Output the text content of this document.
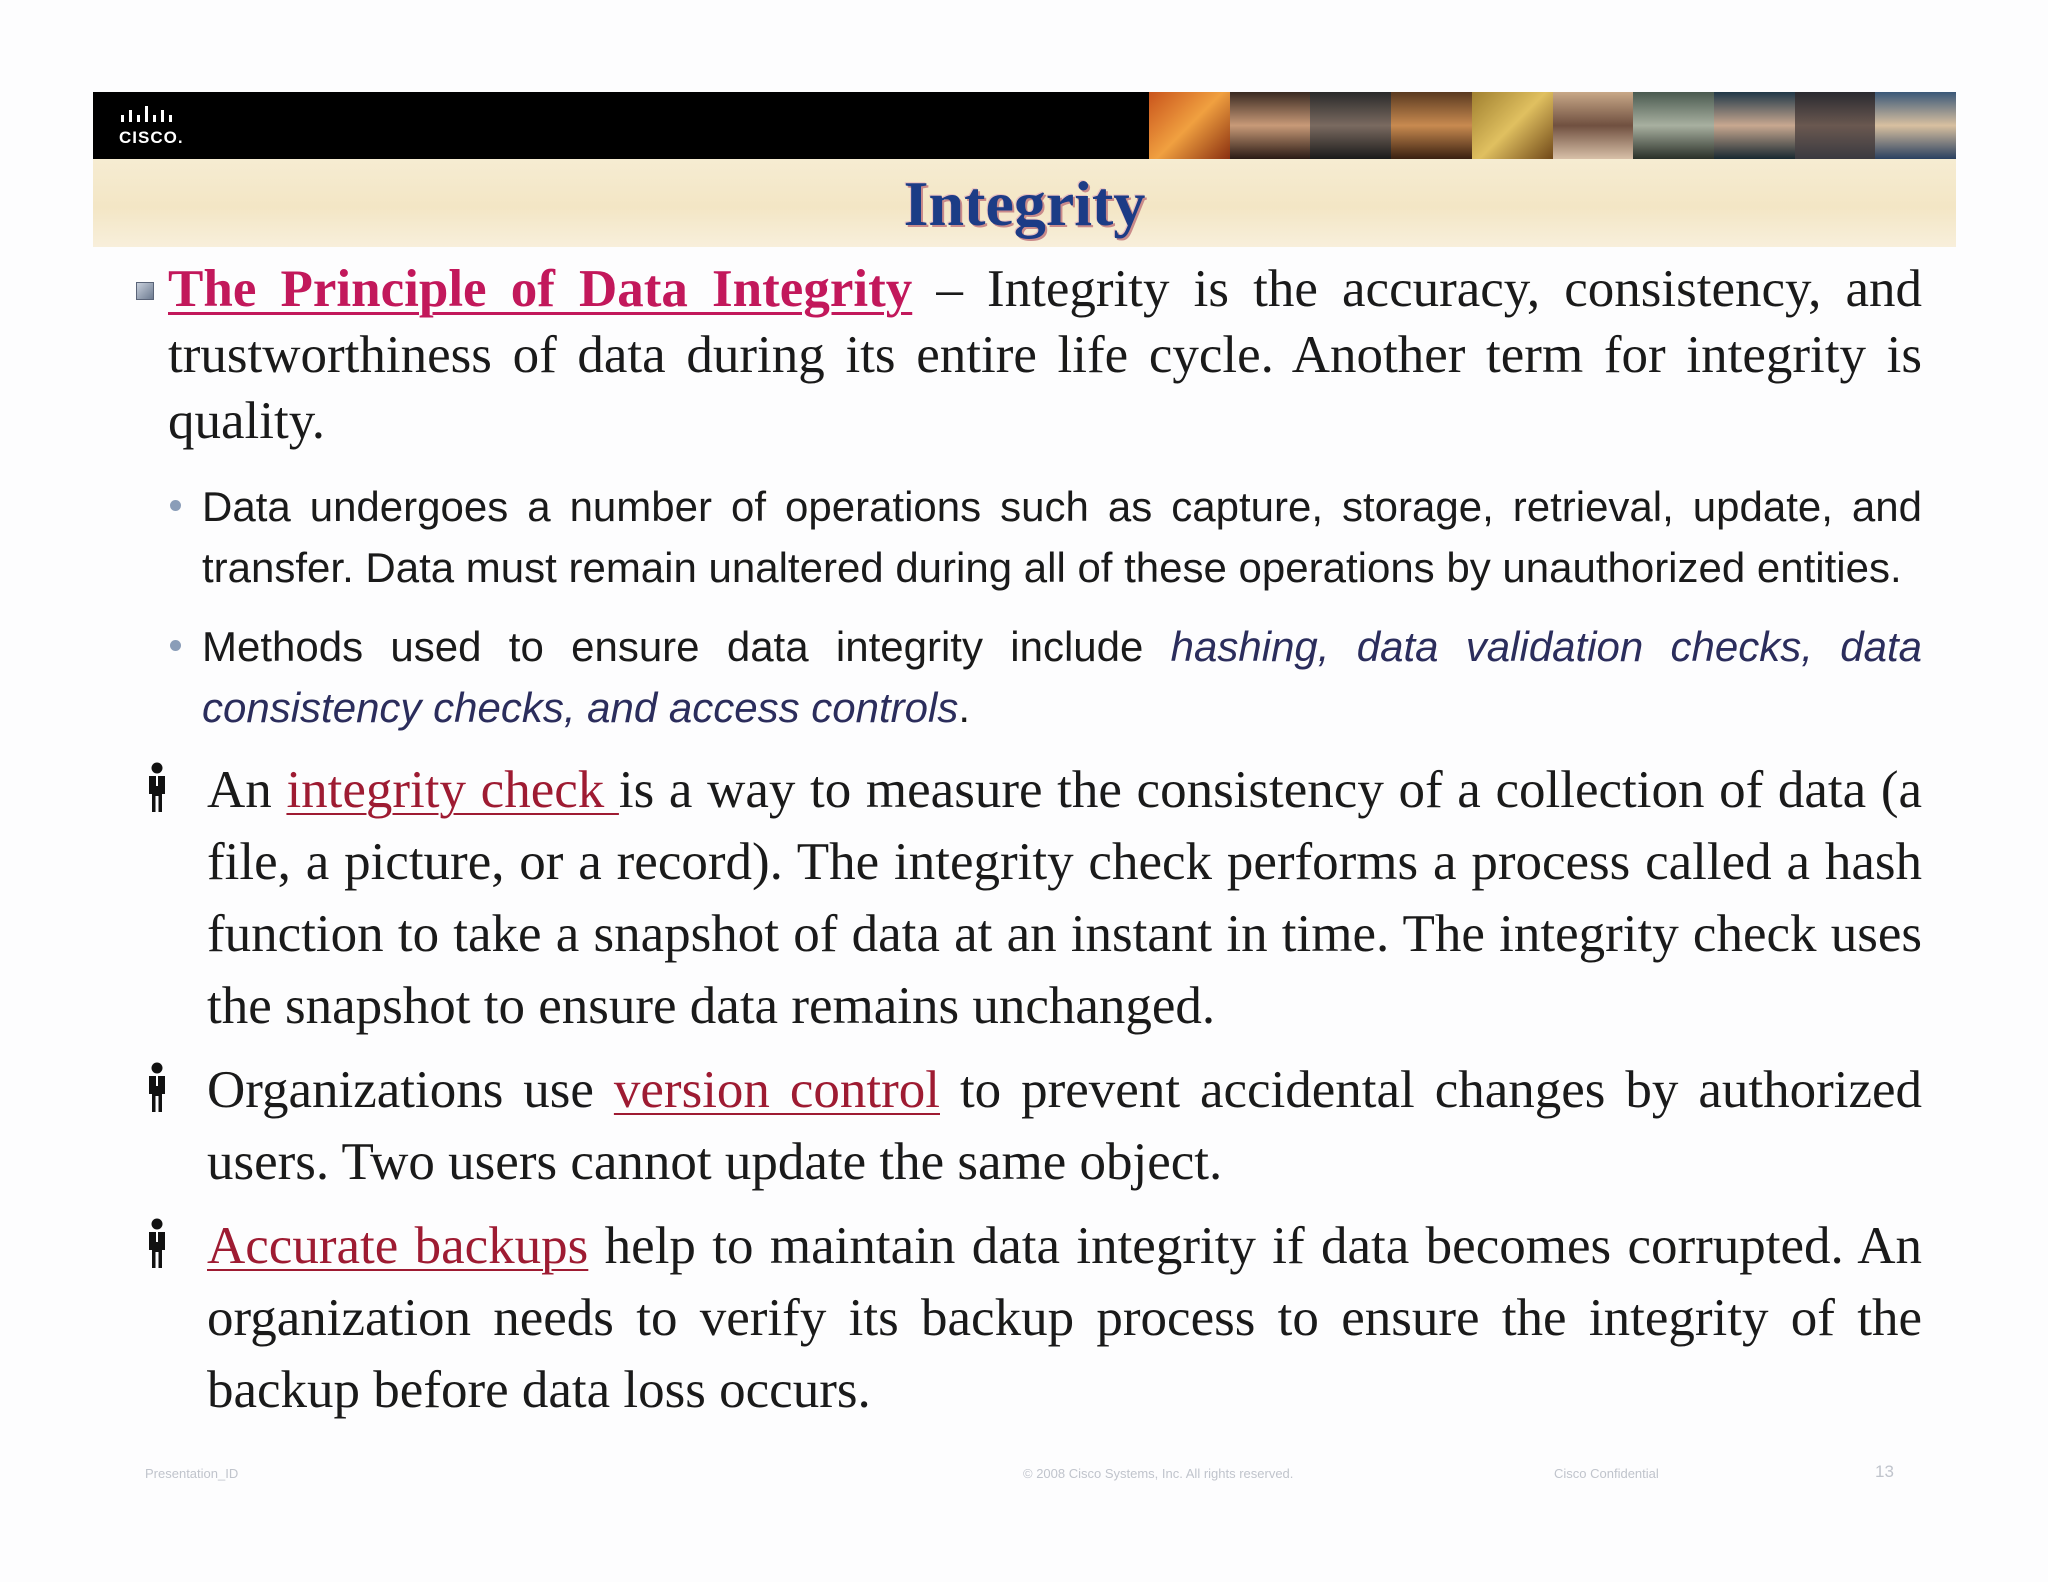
CISCO.
Integrity
The Principle of Data Integrity – Integrity is the accuracy, consistency, and trustworthiness of data during its entire life cycle. Another term for integrity is quality.
Data undergoes a number of operations such as capture, storage, retrieval, update, and transfer. Data must remain unaltered during all of these operations by unauthorized entities.
Methods used to ensure data integrity include hashing, data validation checks, data consistency checks, and access controls.
An integrity check is a way to measure the consistency of a collection of data (a file, a picture, or a record). The integrity check performs a process called a hash function to take a snapshot of data at an instant in time. The integrity check uses the snapshot to ensure data remains unchanged.
Organizations use version control to prevent accidental changes by authorized users. Two users cannot update the same object.
Accurate backups help to maintain data integrity if data becomes corrupted. An organization needs to verify its backup process to ensure the integrity of the backup before data loss occurs.
Presentation_ID	© 2008 Cisco Systems, Inc. All rights reserved.	Cisco Confidential	13
